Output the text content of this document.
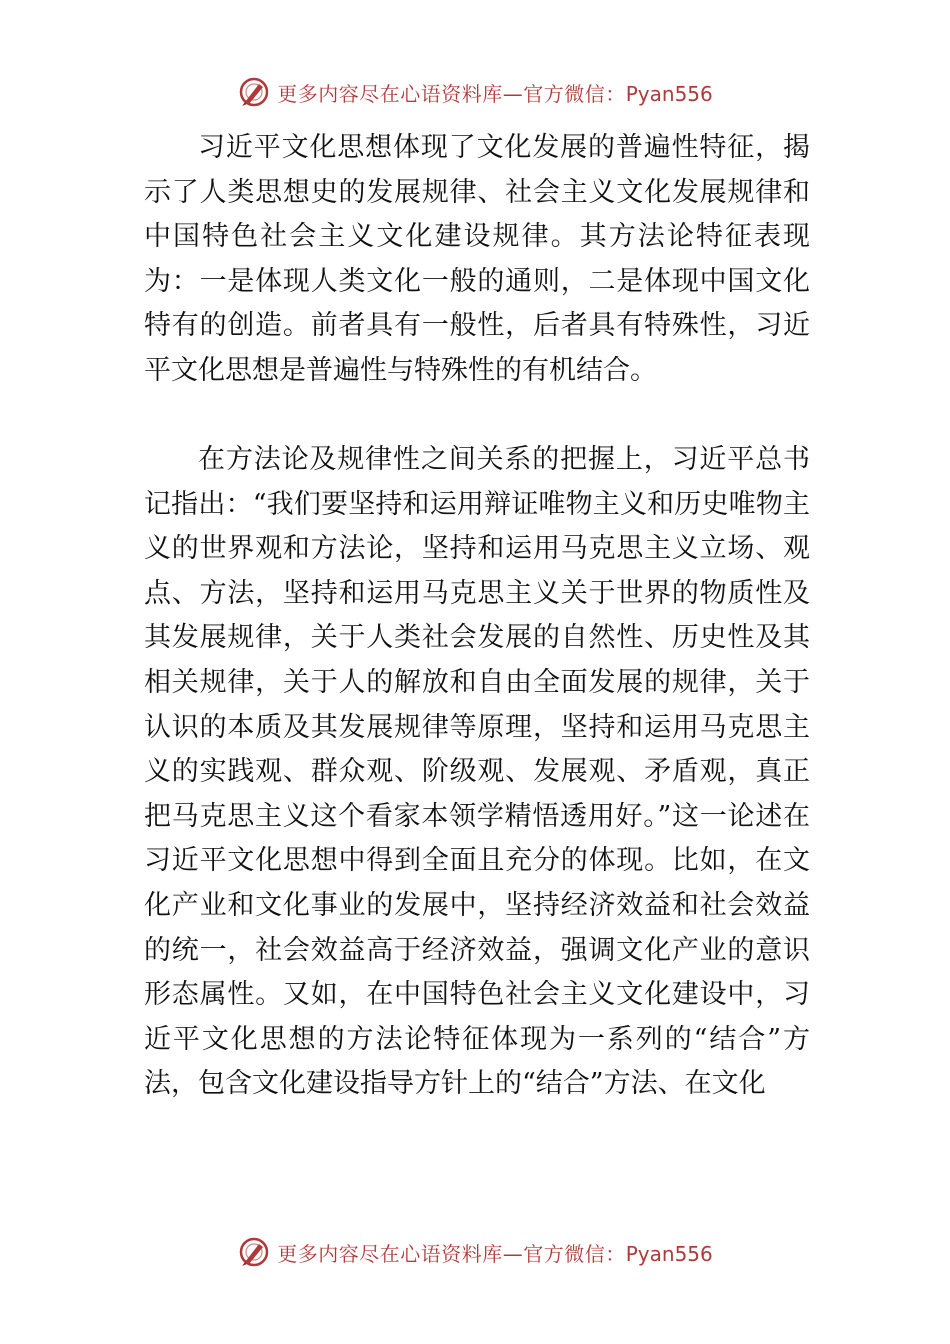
更多内容尽在心语资料库—官方微信：Pyan556
习近平文化思想体现了文化发展的普遍性特征，揭示了人类思想史的发展规律、社会主义文化发展规律和中国特色社会主义文化建设规律。其方法论特征表现为：一是体现人类文化一般的通则，二是体现中国文化特有的创造。前者具有一般性，后者具有特殊性，习近平文化思想是普遍性与特殊性的有机结合。
在方法论及规律性之间关系的把握上，习近平总书记指出：“我们要坚持和运用辩证唯物主义和历史唯物主义的世界观和方法论，坚持和运用马克思主义立场、观点、方法，坚持和运用马克思主义关于世界的物质性及其发展规律，关于人类社会发展的自然性、历史性及其相关规律，关于人的解放和自由全面发展的规律，关于认识的本质及其发展规律等原理，坚持和运用马克思主义的实践观、群众观、阶级观、发展观、矛盾观，真正把马克思主义这个看家本领学精悟透用好。”这一论述在习近平文化思想中得到全面且充分的体现。比如，在文化产业和文化事业的发展中，坚持经济效益和社会效益的统一，社会效益高于经济效益，强调文化产业的意识形态属性。又如，在中国特色社会主义文化建设中，习近平文化思想的方法论特征体现为一系列的“结合”方法，包含文化建设指导方针上的“结合”方法、在文化
更多内容尽在心语资料库—官方微信：Pyan556
